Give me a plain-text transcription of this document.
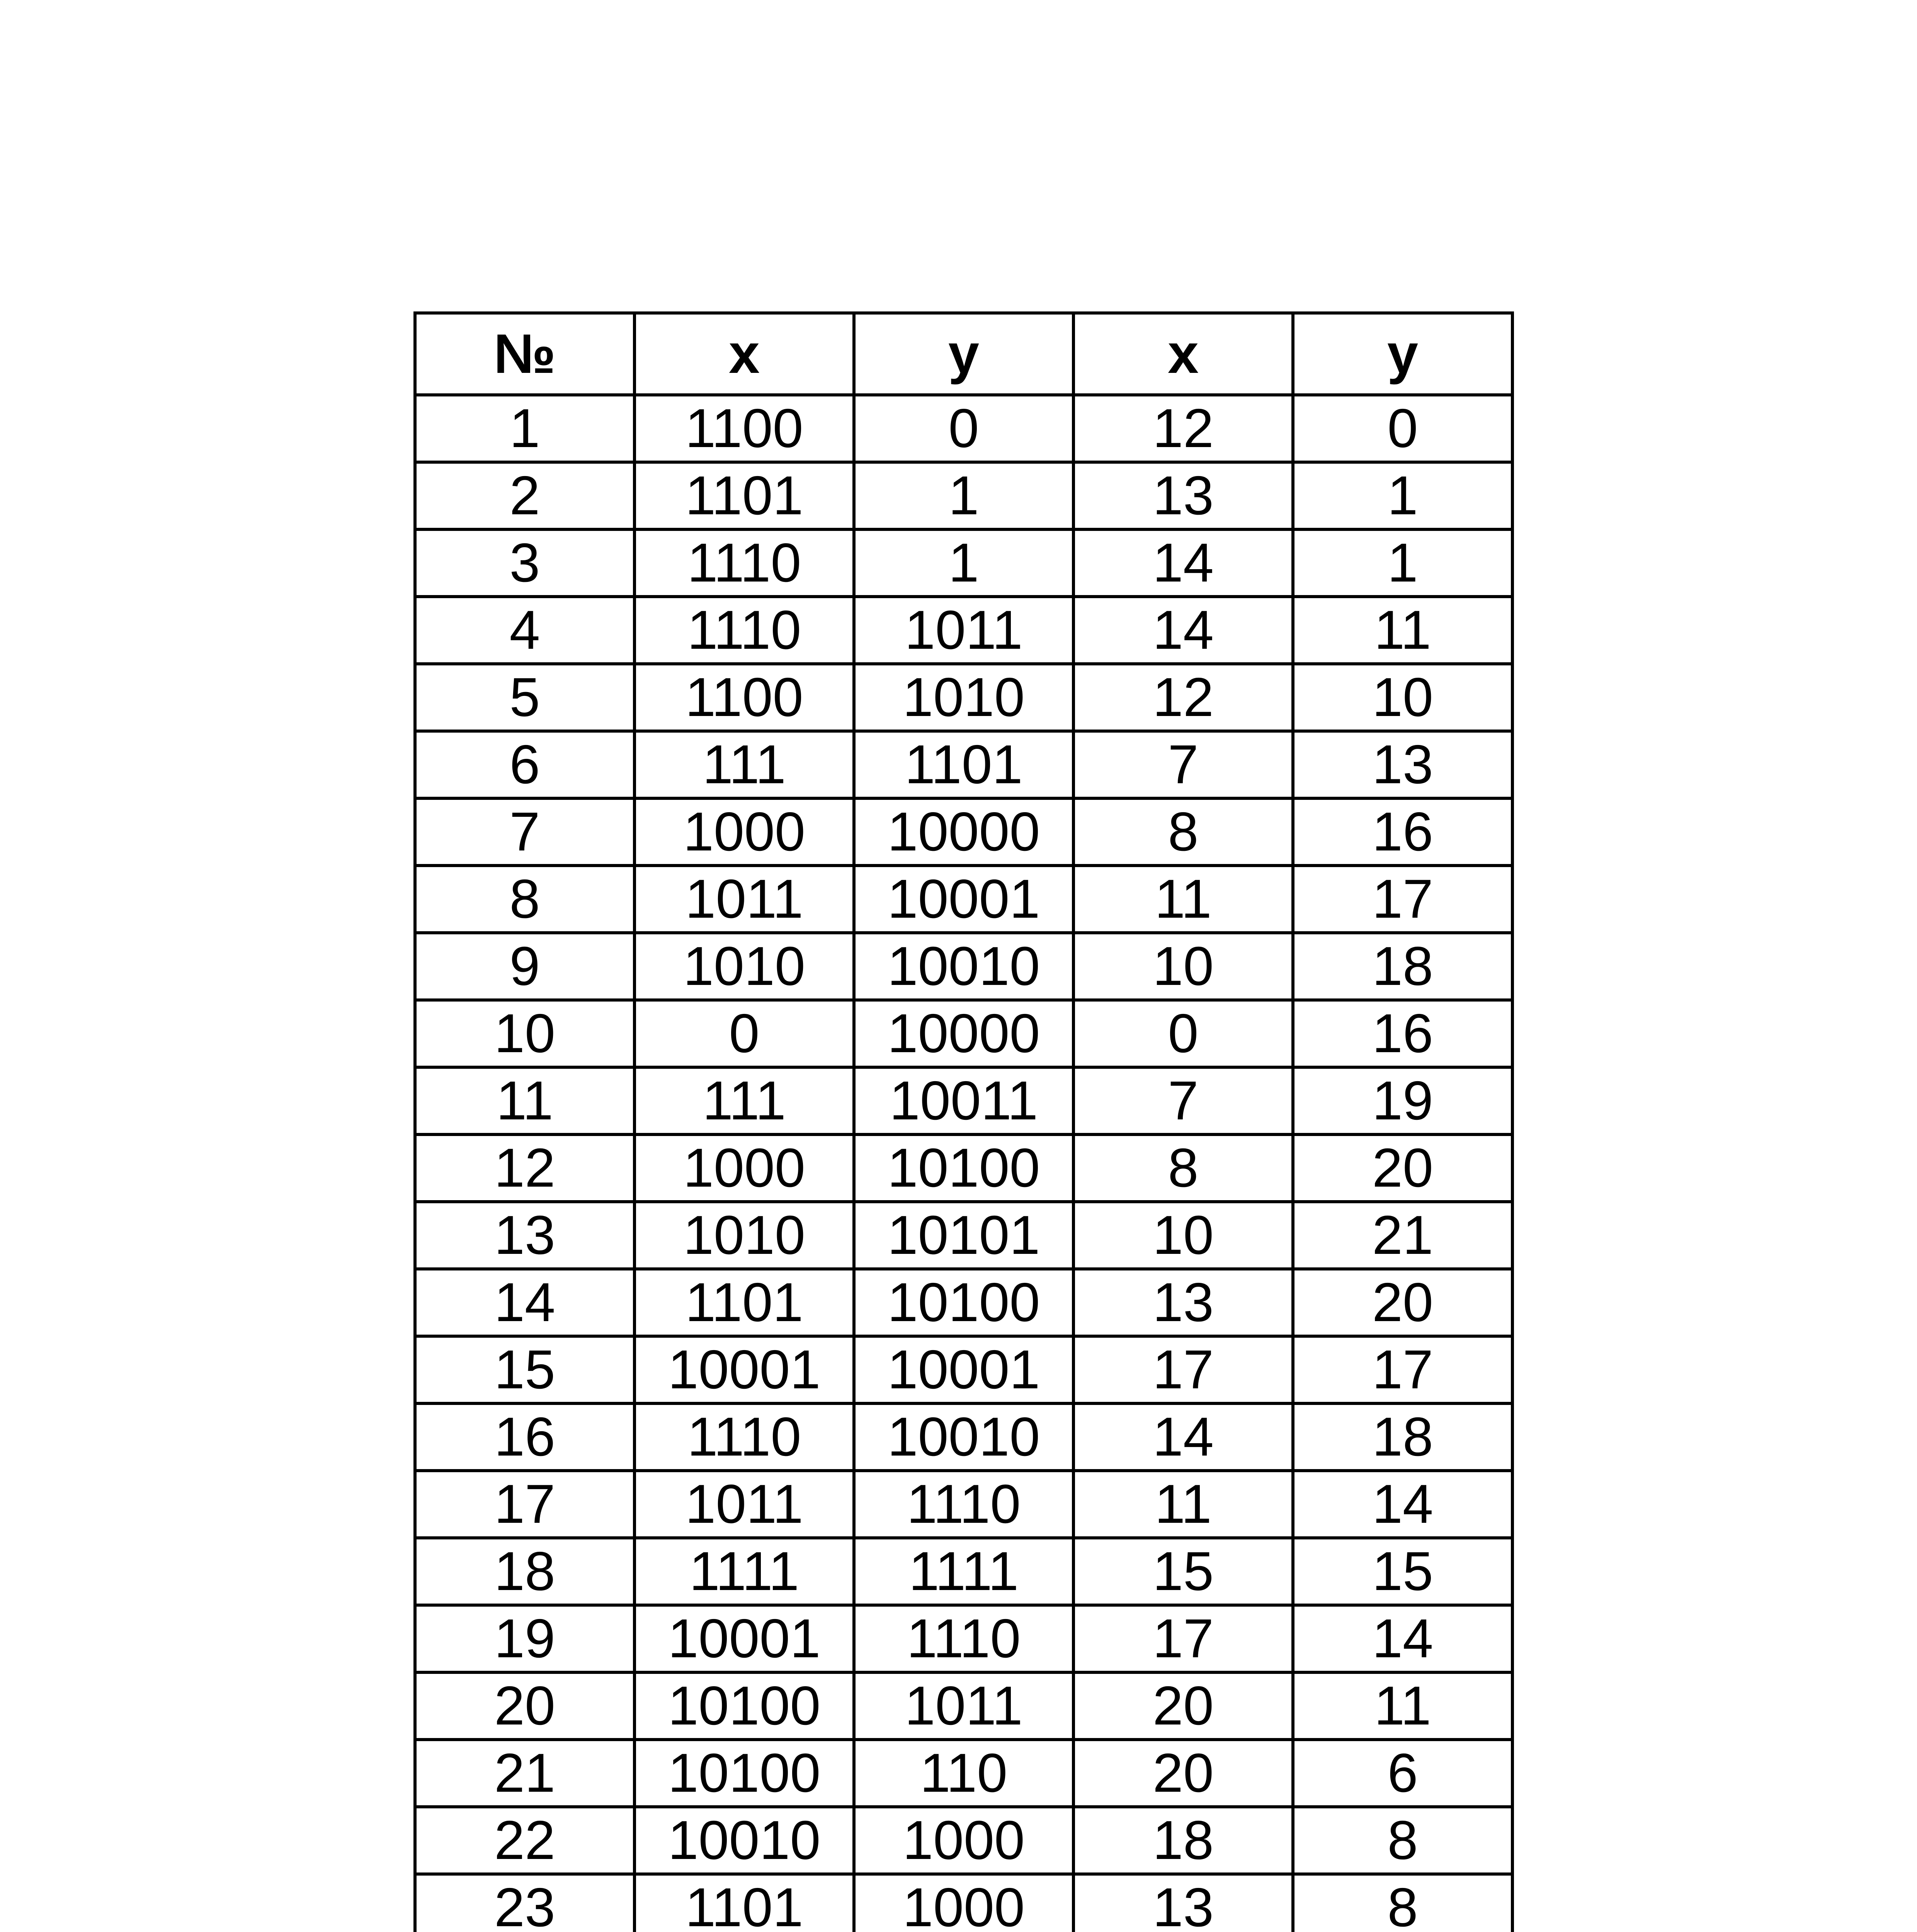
№	x	y	x	y
1	1100	0	12	0
2	1101	1	13	1
3	1110	1	14	1
4	1110	1011	14	11
5	1100	1010	12	10
6	111	1101	7	13
7	1000	10000	8	16
8	1011	10001	11	17
9	1010	10010	10	18
10	0	10000	0	16
11	111	10011	7	19
12	1000	10100	8	20
13	1010	10101	10	21
14	1101	10100	13	20
15	10001	10001	17	17
16	1110	10010	14	18
17	1011	1110	11	14
18	1111	1111	15	15
19	10001	1110	17	14
20	10100	1011	20	11
21	10100	110	20	6
22	10010	1000	18	8
23	1101	1000	13	8
